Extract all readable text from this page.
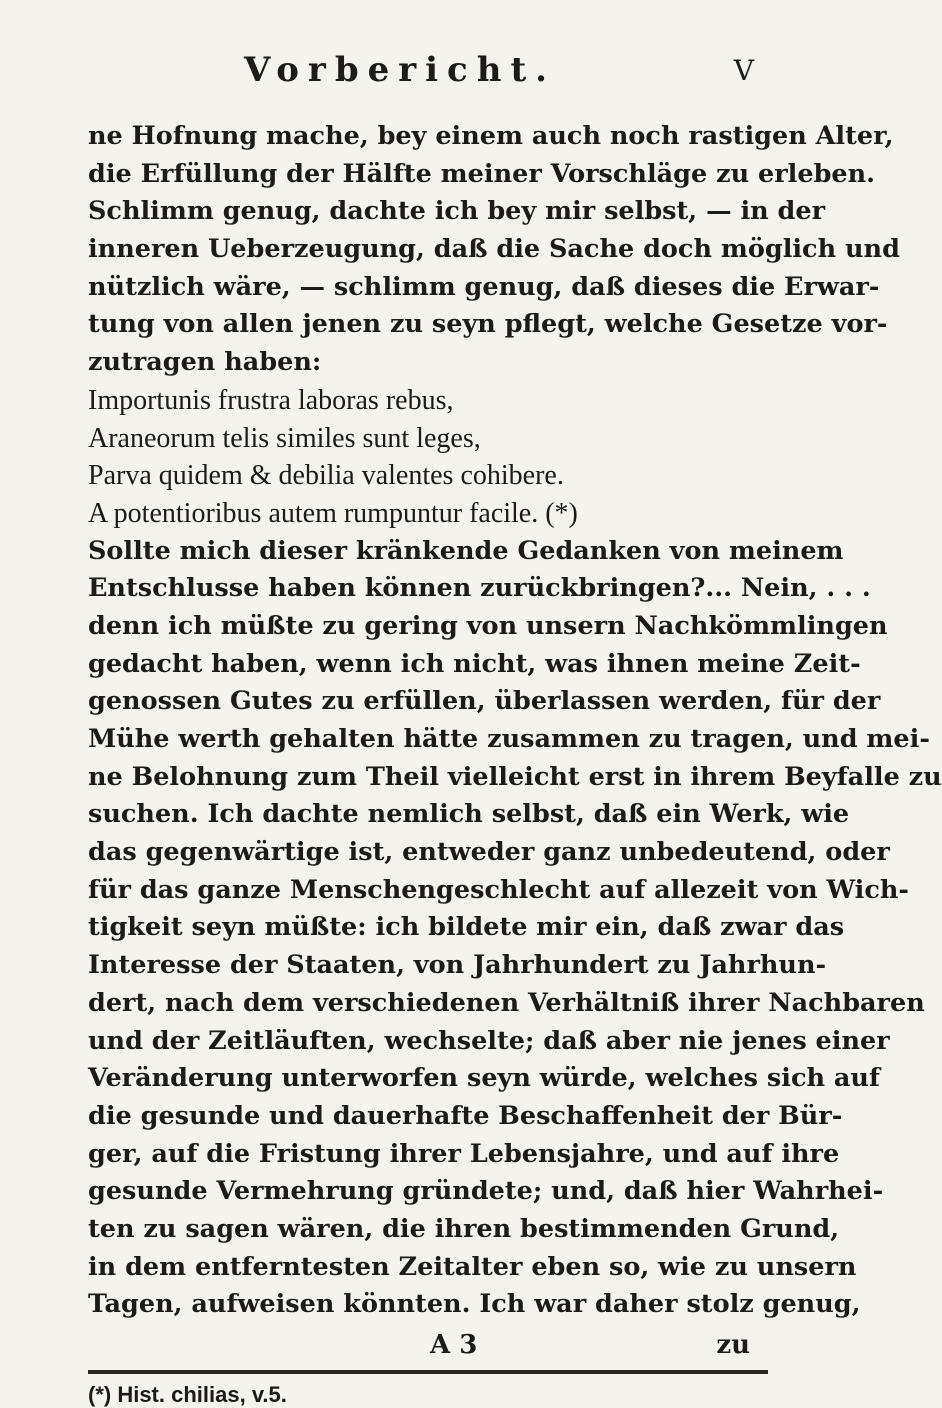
Vorbericht.	V
ne Hofnung mache, bey einem auch noch rastigen Alter,
die Erfüllung der Hälfte meiner Vorschläge zu erleben.
Schlimm genug, dachte ich bey mir selbst, — in der
inneren Ueberzeugung, daß die Sache doch möglich und
nützlich wäre, — schlimm genug, daß dieses die Erwar-
tung von allen jenen zu seyn pflegt, welche Gesetze vor-
zutragen haben:
Importunis frustra laboras rebus,
Araneorum telis similes sunt leges,
Parva quidem & debilia valentes cohibere.
A potentioribus autem rumpuntur facile. (*)
Sollte mich dieser kränkende Gedanken von meinem
Entschlusse haben können zurückbringen?... Nein, . . .
denn ich müßte zu gering von unsern Nachkömmlingen
gedacht haben, wenn ich nicht, was ihnen meine Zeit-
genossen Gutes zu erfüllen, überlassen werden, für der
Mühe werth gehalten hätte zusammen zu tragen, und mei-
ne Belohnung zum Theil vielleicht erst in ihrem Beyfalle zu
suchen. Ich dachte nemlich selbst, daß ein Werk, wie
das gegenwärtige ist, entweder ganz unbedeutend, oder
für das ganze Menschengeschlecht auf allezeit von Wich-
tigkeit seyn müßte: ich bildete mir ein, daß zwar das
Interesse der Staaten, von Jahrhundert zu Jahrhun-
dert, nach dem verschiedenen Verhältniß ihrer Nachbaren
und der Zeitläuften, wechselte; daß aber nie jenes einer
Veränderung unterworfen seyn würde, welches sich auf
die gesunde und dauerhafte Beschaffenheit der Bür-
ger, auf die Fristung ihrer Lebensjahre, und auf ihre
gesunde Vermehrung gründete; und, daß hier Wahrhei-
ten zu sagen wären, die ihren bestimmenden Grund,
in dem entferntesten Zeitalter eben so, wie zu unsern
Tagen, aufweisen könnten. Ich war daher stolz genug,
A 3	zu
(*) Hist. chilias, v.5.
